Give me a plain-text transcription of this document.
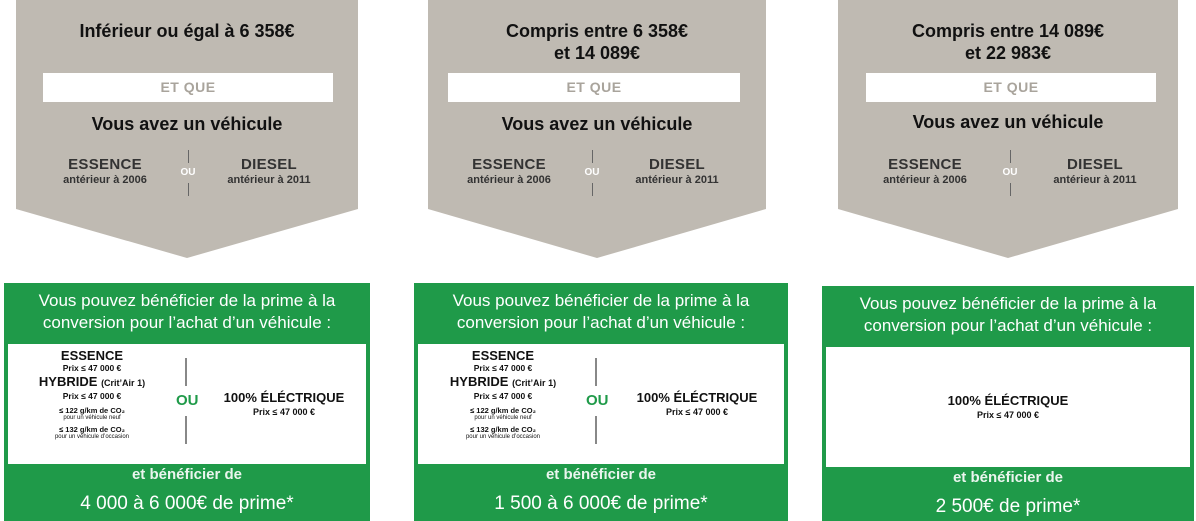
Inférieur ou égal à 6 358€
ET QUE
Vous avez un véhicule
ESSENCE
antérieur à 2006
OU	DIESEL
antérieur à 2011
Vous pouvez bénéficier de la prime à la
conversion pour l’achat d’un véhicule :
ESSENCE
Prix ≤ 47 000 €
HYBRIDE (Crit’Air 1)
Prix ≤ 47 000 €
≤ 122 g/km de CO₂
pour un véhicule neuf
≤ 132 g/km de CO₂
pour un véhicule d’occasion
OU	100% ÉLÉCTRIQUE
Prix ≤ 47 000 €
et bénéficier de
4 000 à 6 000€ de prime*
Compris entre 6 358€
et 14 089€
ET QUE
Vous avez un véhicule
ESSENCE
antérieur à 2006
OU	DIESEL
antérieur à 2011
Vous pouvez bénéficier de la prime à la
conversion pour l’achat d’un véhicule :
ESSENCE
Prix ≤ 47 000 €
HYBRIDE (Crit’Air 1)
Prix ≤ 47 000 €
≤ 122 g/km de CO₂
pour un véhicule neuf
≤ 132 g/km de CO₂
pour un véhicule d’occasion
OU	100% ÉLÉCTRIQUE
Prix ≤ 47 000 €
et bénéficier de
1 500 à 6 000€ de prime*
Compris entre 14 089€
et 22 983€
ET QUE
Vous avez un véhicule
ESSENCE
antérieur à 2006
OU	DIESEL
antérieur à 2011
Vous pouvez bénéficier de la prime à la
conversion pour l’achat d’un véhicule :
100% ÉLÉCTRIQUE
Prix ≤ 47 000 €
et bénéficier de
2 500€ de prime*
